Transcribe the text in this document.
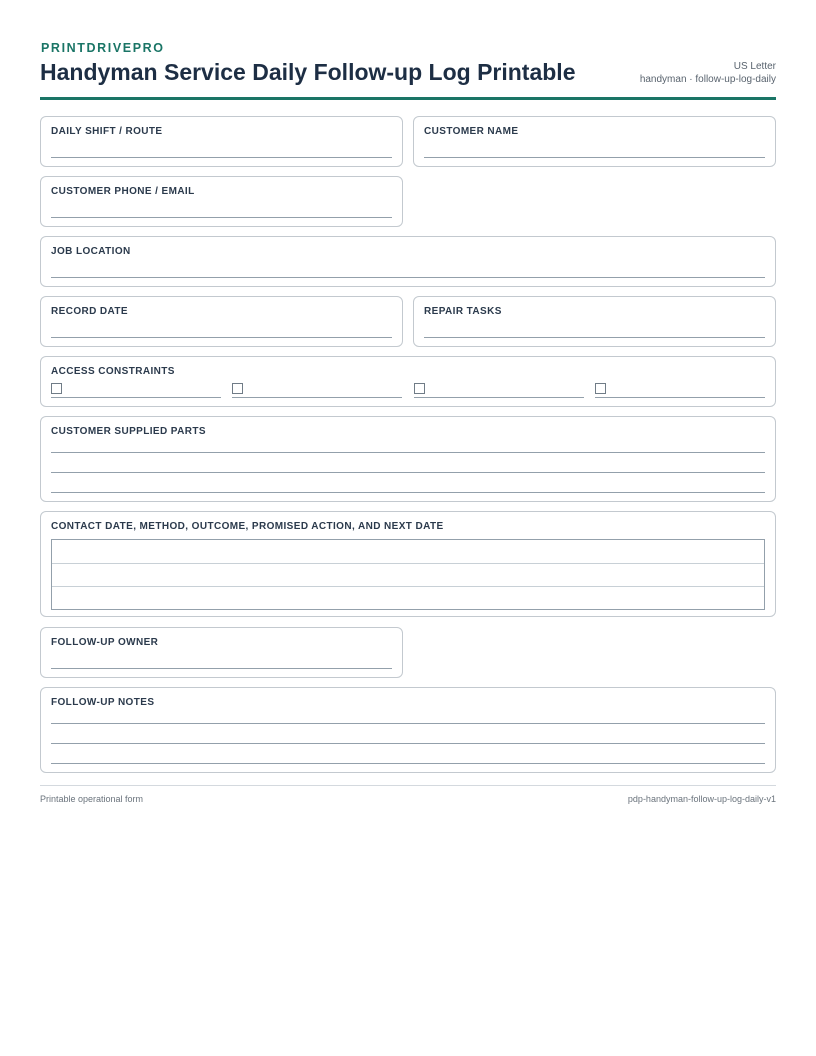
PRINTDRIVEPRO
Handyman Service Daily Follow-up Log Printable	US Letter
handyman · follow-up-log-daily
DAILY SHIFT / ROUTE	CUSTOMER NAME
CUSTOMER PHONE / EMAIL
JOB LOCATION
RECORD DATE	REPAIR TASKS
ACCESS CONSTRAINTS
CUSTOMER SUPPLIED PARTS
CONTACT DATE, METHOD, OUTCOME, PROMISED ACTION, AND NEXT DATE
FOLLOW-UP OWNER
FOLLOW-UP NOTES
Printable operational form	pdp-handyman-follow-up-log-daily-v1
